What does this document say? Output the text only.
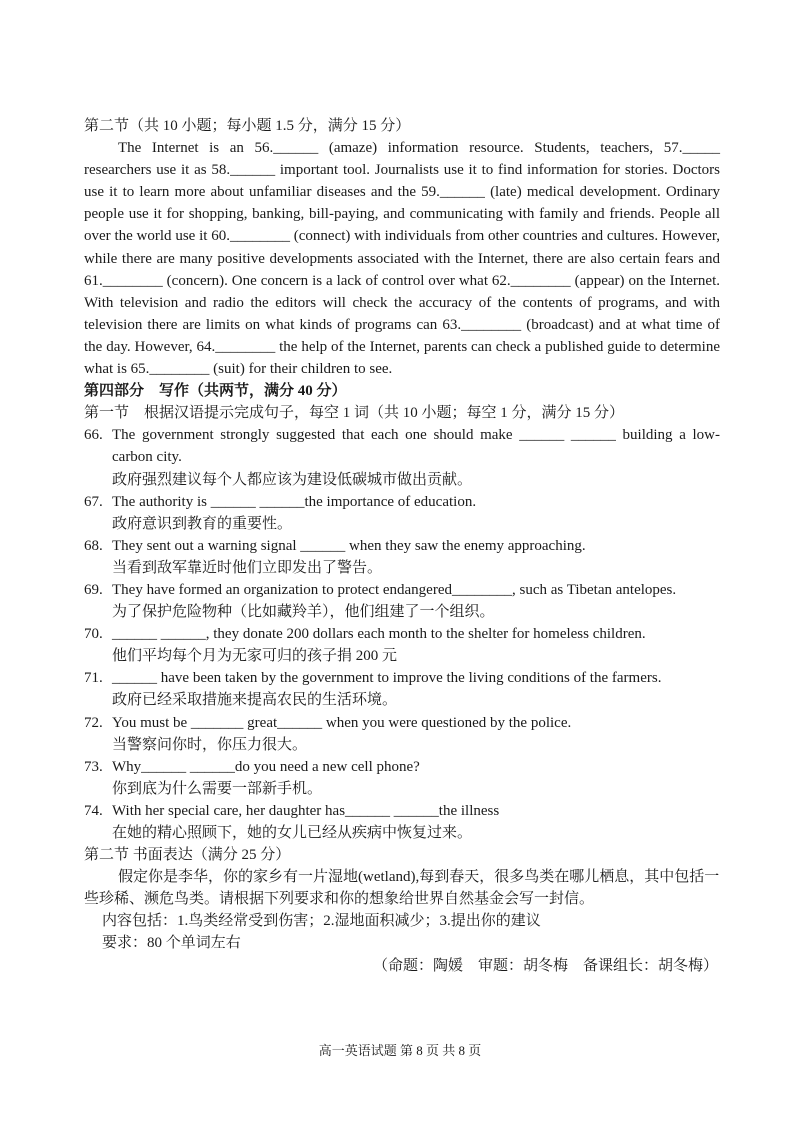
第二节（共 10 小题；每小题 1.5 分，满分 15 分）

The Internet is an 56.______ (amaze) information resource. Students, teachers, 57._____ researchers use it as 58.______ important tool. Journalists use it to find information for stories. Doctors use it to learn more about unfamiliar diseases and the 59.______ (late) medical development. Ordinary people use it for shopping, banking, bill-paying, and communicating with family and friends. People all over the world use it 60.________ (connect) with individuals from other countries and cultures. However, while there are many positive developments associated with the Internet, there are also certain fears and 61.________ (concern). One concern is a lack of control over what 62.________ (appear) on the Internet. With television and radio the editors will check the accuracy of the contents of programs, and with television there are limits on what kinds of programs can 63.________ (broadcast) and at what time of the day. However, 64.________ the help of the Internet, parents can check a published guide to determine what is 65.________ (suit) for their children to see.

第四部分　写作（共两节，满分 40 分）

第一节　根据汉语提示完成句子，每空 1 词（共 10 小题；每空 1 分，满分 15 分）

66. The government strongly suggested that each one should make ______ ______ building a low-carbon city.

政府强烈建议每个人都应该为建设低碳城市做出贡献。

67. The authority is ______ ______the importance of education.

政府意识到教育的重要性。

68. They sent out a warning signal ______ when they saw the enemy approaching.

当看到敌军靠近时他们立即发出了警告。

69. They have formed an organization to protect endangered________, such as Tibetan antelopes.

为了保护危险物种（比如藏羚羊），他们组建了一个组织。

70. ______ ______, they donate 200 dollars each month to the shelter for homeless children.

他们平均每个月为无家可归的孩子捐 200 元

71. ______ have been taken by the government to improve the living conditions of the farmers.

政府已经采取措施来提高农民的生活环境。

72. You must be _______ great______ when you were questioned by the police.

当警察问你时，你压力很大。

73. Why______ ______do you need a new cell phone?

你到底为什么需要一部新手机。

74. With her special care, her daughter has______ ______the illness

在她的精心照顾下，她的女儿已经从疾病中恢复过来。

第二节 书面表达（满分 25 分）

假定你是李华，你的家乡有一片湿地(wetland),每到春天，很多鸟类在哪儿栖息，其中包括一些珍稀、濒危鸟类。请根据下列要求和你的想象给世界自然基金会写一封信。

内容包括：1.鸟类经常受到伤害；2.湿地面积减少；3.提出你的建议

要求：80 个单词左右

（命题：陶媛　审题：胡冬梅　备课组长：胡冬梅）

高一英语试题 第 8 页 共 8 页
